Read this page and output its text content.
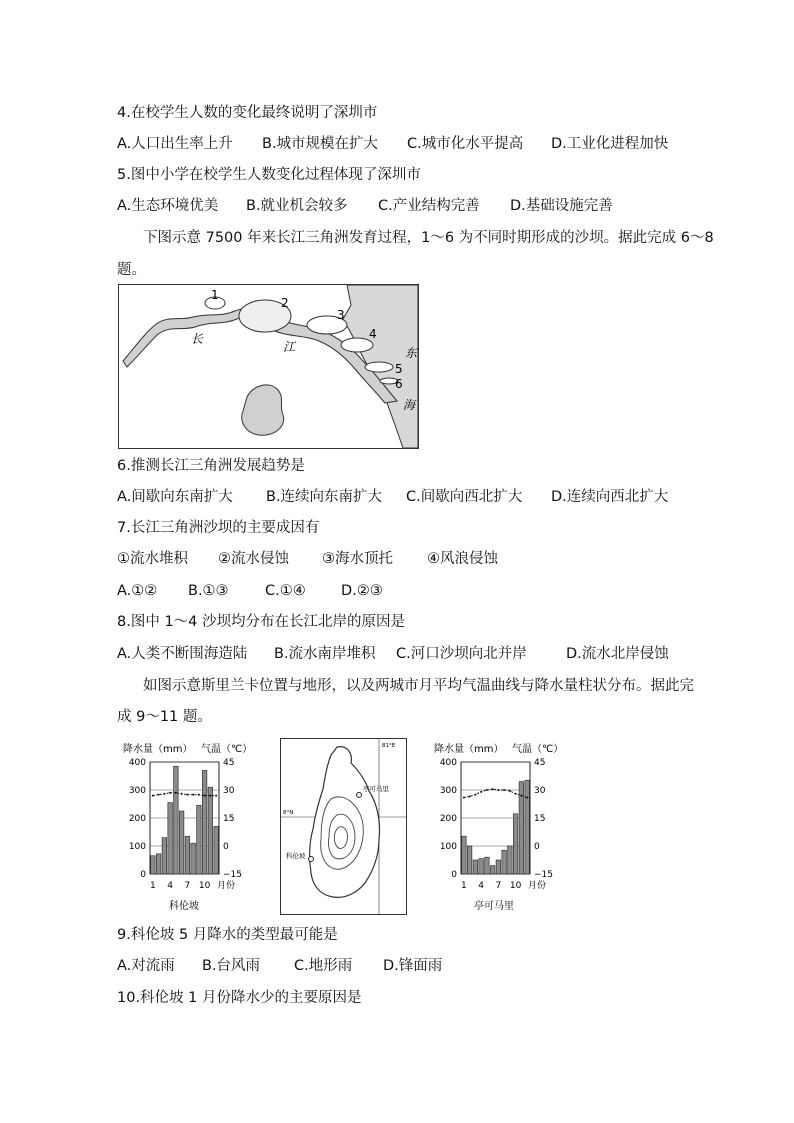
4.在校学生人数的变化最终说明了深圳市
A.人口出生率上升 B.城市规模在扩大 C.城市化水平提高 D.工业化进程加快
5.图中小学在校学生人数变化过程体现了深圳市
A.生态环境优美 B.就业机会较多 C.产业结构完善 D.基础设施完善
下图示意 7500 年来长江三角洲发育过程，1～6 为不同时期形成的沙坝。据此完成 6～8
题。
1
2
3
4
5
6
长
江	东
海
6.推测长江三角洲发展趋势是
A.间歇向东南扩大 B.连续向东南扩大 C.间歇向西北扩大 D.连续向西北扩大
7.长江三角洲沙坝的主要成因有
①流水堆积 ②流水侵蚀 ③海水顶托 ④风浪侵蚀
A.①② B.①③	C.①④ D.②③
8.图中 1～4 沙坝均分布在长江北岸的原因是
A.人类不断围海造陆 B.流水南岸堆积 C.河口沙坝向北并岸	D.流水北岸侵蚀
如图示意斯里兰卡位置与地形，以及两城市月平均气温曲线与降水量柱状分布。据此完
成 9～11 题。
降水量（mm） 气温（℃）
400	45
300	30
200	15
100	0
0	−15
1 4 7 10 月份
科伦坡
亭可马里
科伦坡
81°E
8°N
降水量（mm） 气温（℃）
400	45
300	30
200	15
100	0
0	−15
1 4 7 10 月份
亭可马里
9.科伦坡 5 月降水的类型最可能是
A.对流雨 B.台风雨 C.地形雨 D.锋面雨
10.科伦坡 1 月份降水少的主要原因是
